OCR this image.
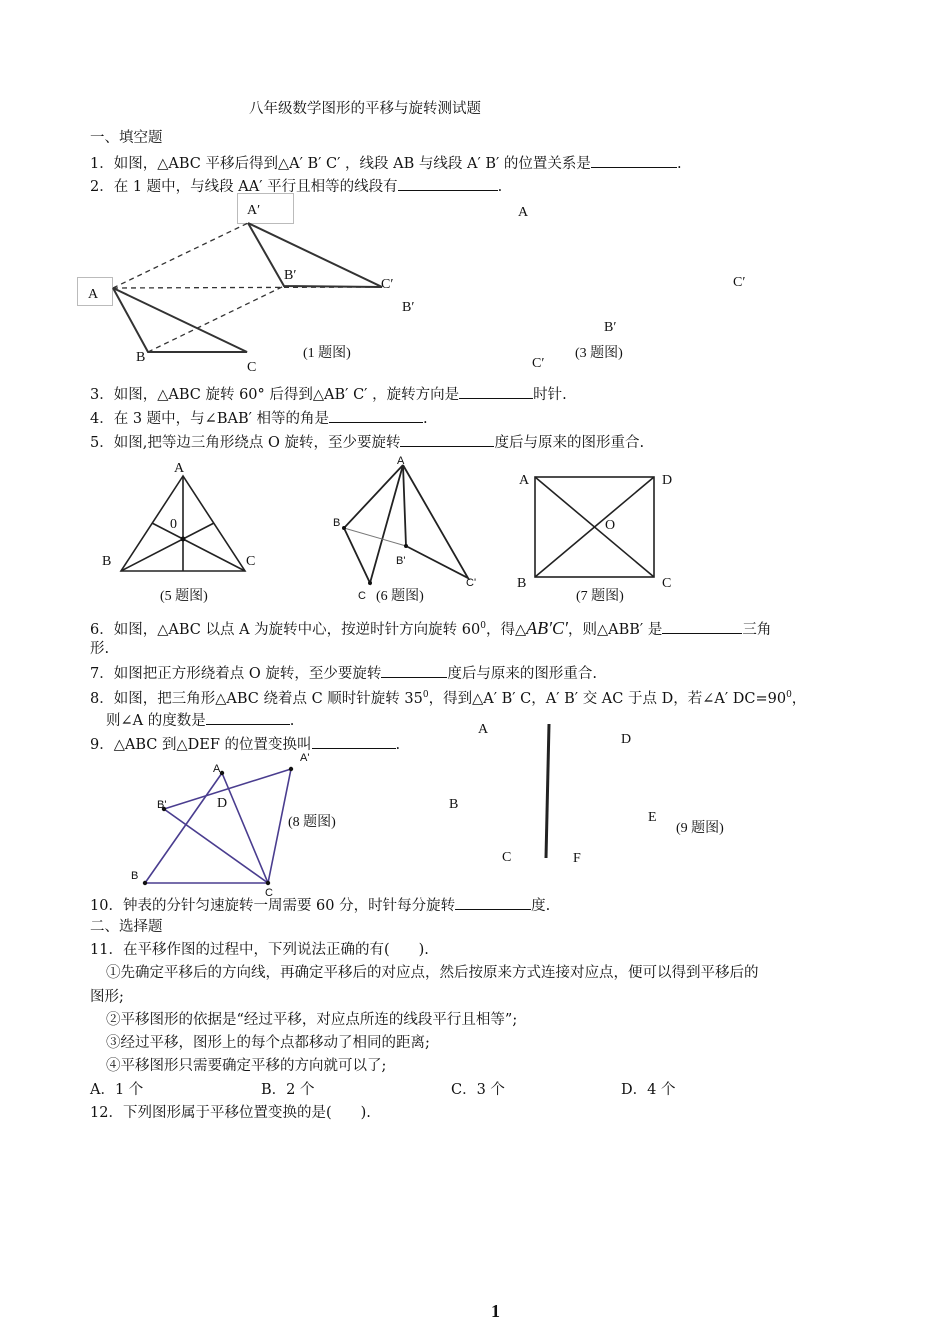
八年级数学图形的平移与旋转测试题
一、填空题
1．如图，△ABC 平移后得到△A′ B′ C′ ，线段 AB 与线段 A′ B′ 的位置关系是	.
2．在 1 题中，与线段 AA′ 平行且相等的线段有	.
A′
A
B′
C′
B
C
(1 题图)
A
C′
B′
B′
(3 题图)
C′
3．如图，△ABC 旋转 60° 后得到△AB′ C′ ，旋转方向是	时针.
4．在 3 题中，与∠BAB′ 相等的角是	.
5．如图,把等边三角形绕点 O 旋转，至少要旋转	度后与原来的图形重合.
A
0
B	C
(5 题图)
A
B
B'
C'
C (6 题图)
A	D
O
B	C
(7 题图)
6．如图，△ABC 以点 A 为旋转中心，按逆时针方向旋转 $60^0$，得△AB′C′，则△ABB′ 是	三角
形.
7．如图把正方形绕着点 O 旋转，至少要旋转	度后与原来的图形重合.
8．如图，把三角形△ABC 绕着点 C 顺时针旋转 $35^0$，得到△A′ B′ C，A′ B′ 交 AC 于点 D，若∠A′ $DC=90^0$，
则∠A 的度数是	.
9．△ABC 到△DEF 的位置变换叫	.
A
A'
B'	D
(8 题图)
B
C
A
D
B
E
(9 题图)
C	F
10．钟表的分针匀速旋转一周需要 60 分，时针每分旋转	度.
二、选择题
11．在平移作图的过程中，下列说法正确的有(　　).
①先确定平移后的方向线，再确定平移后的对应点，然后按原来方式连接对应点，便可以得到平移后的
图形;
②平移图形的依据是“经过平移，对应点所连的线段平行且相等”;
③经过平移，图形上的每个点都移动了相同的距离;
④平移图形只需要确定平移的方向就可以了;
A．1 个	B．2 个	C．3 个	D．4 个
12．下列图形属于平移位置变换的是(　　).
1
